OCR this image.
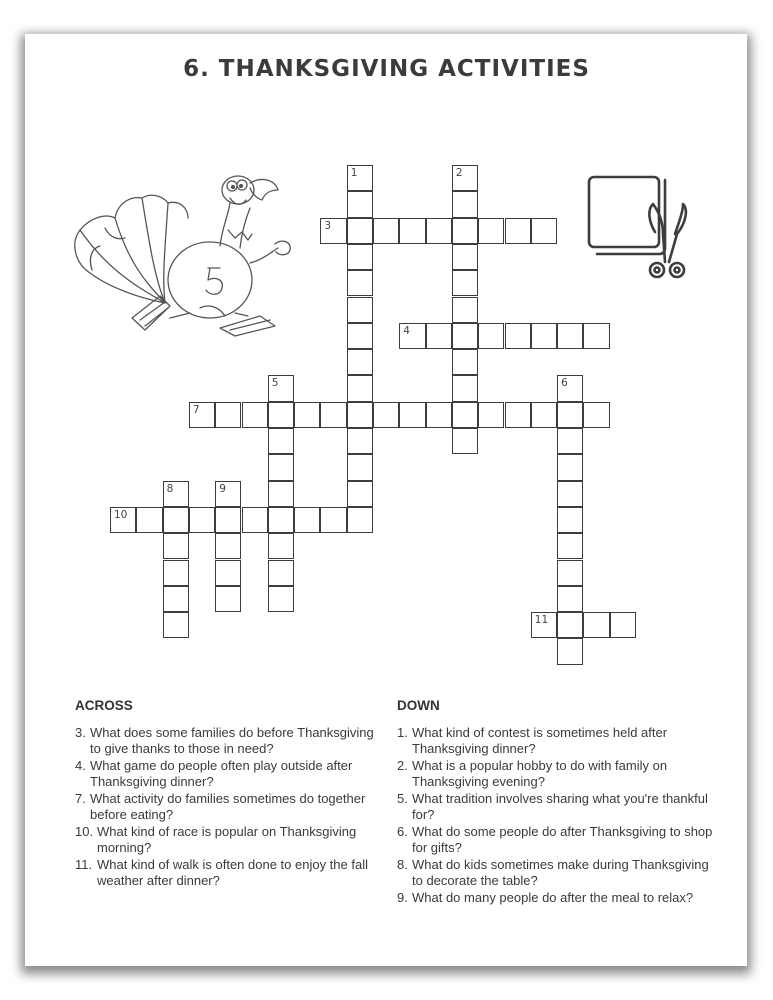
6. THANKSGIVING ACTIVITIES
1	2
3
4
5	6
7
8	9
10
11
ACROSS
3. What does some families do before Thanksgiving to give thanks to those in need?
4. What game do people often play outside after Thanksgiving dinner?
7. What activity do families sometimes do together before eating?
10. What kind of race is popular on Thanksgiving morning?
11. What kind of walk is often done to enjoy the fall weather after dinner?
DOWN
1. What kind of contest is sometimes held after Thanksgiving dinner?
2. What is a popular hobby to do with family on Thanksgiving evening?
5. What tradition involves sharing what you're thankful for?
6. What do some people do after Thanksgiving to shop for gifts?
8. What do kids sometimes make during Thanksgiving to decorate the table?
9. What do many people do after the meal to relax?
